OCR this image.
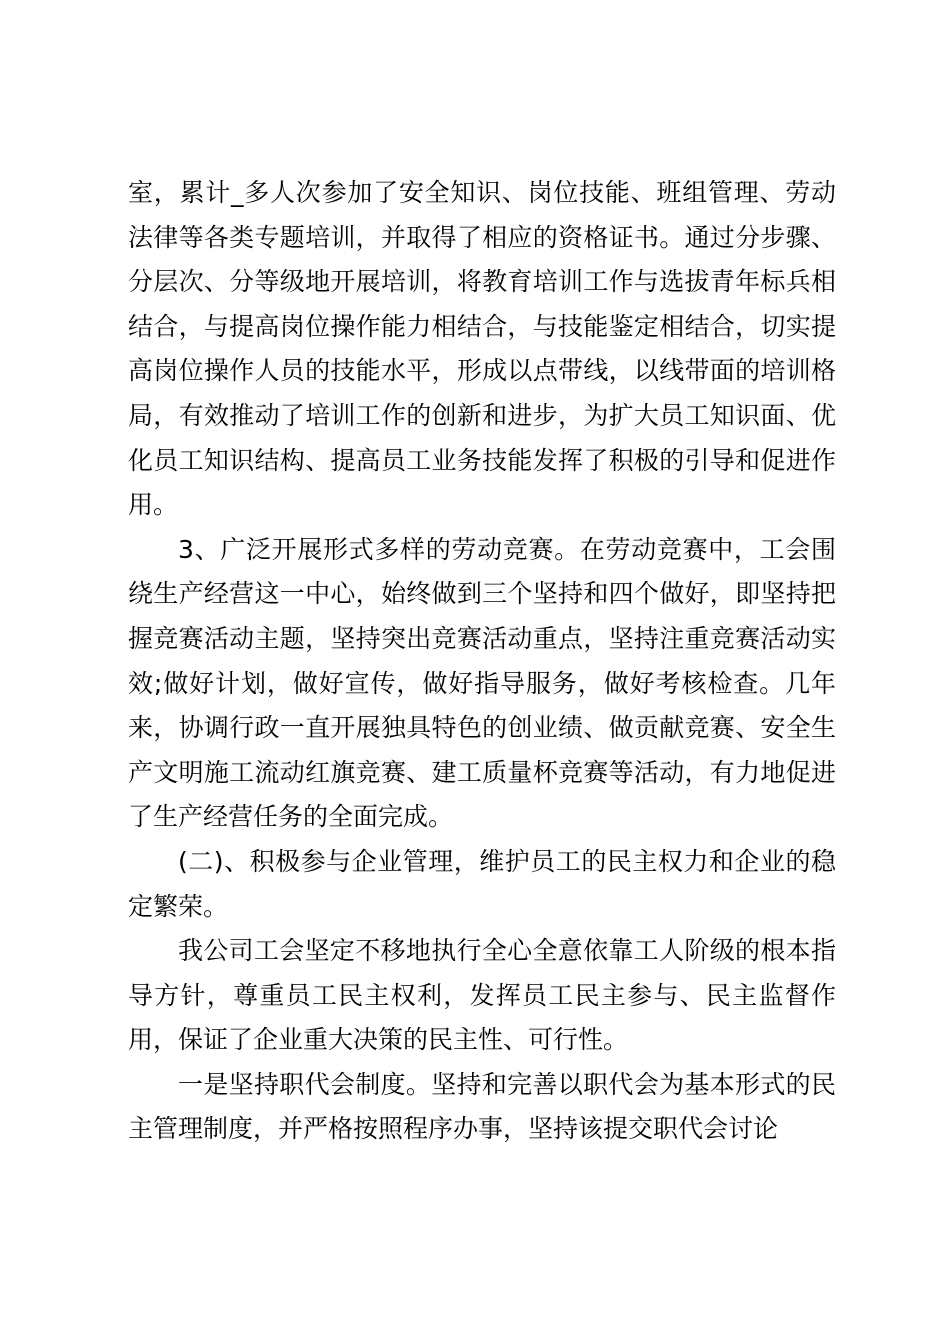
室，累计_多人次参加了安全知识、岗位技能、班组管理、劳动法律等各类专题培训，并取得了相应的资格证书。通过分步骤、分层次、分等级地开展培训，将教育培训工作与选拔青年标兵相结合，与提高岗位操作能力相结合，与技能鉴定相结合，切实提高岗位操作人员的技能水平，形成以点带线，以线带面的培训格局，有效推动了培训工作的创新和进步，为扩大员工知识面、优化员工知识结构、提高员工业务技能发挥了积极的引导和促进作用。

3、广泛开展形式多样的劳动竞赛。在劳动竞赛中，工会围绕生产经营这一中心，始终做到三个坚持和四个做好，即坚持把握竞赛活动主题，坚持突出竞赛活动重点，坚持注重竞赛活动实效;做好计划，做好宣传，做好指导服务，做好考核检查。几年来，协调行政一直开展独具特色的创业绩、做贡献竞赛、安全生产文明施工流动红旗竞赛、建工质量杯竞赛等活动，有力地促进了生产经营任务的全面完成。

(二)、积极参与企业管理，维护员工的民主权力和企业的稳定繁荣。

我公司工会坚定不移地执行全心全意依靠工人阶级的根本指导方针，尊重员工民主权利，发挥员工民主参与、民主监督作用，保证了企业重大决策的民主性、可行性。

一是坚持职代会制度。坚持和完善以职代会为基本形式的民主管理制度，并严格按照程序办事，坚持该提交职代会讨论
